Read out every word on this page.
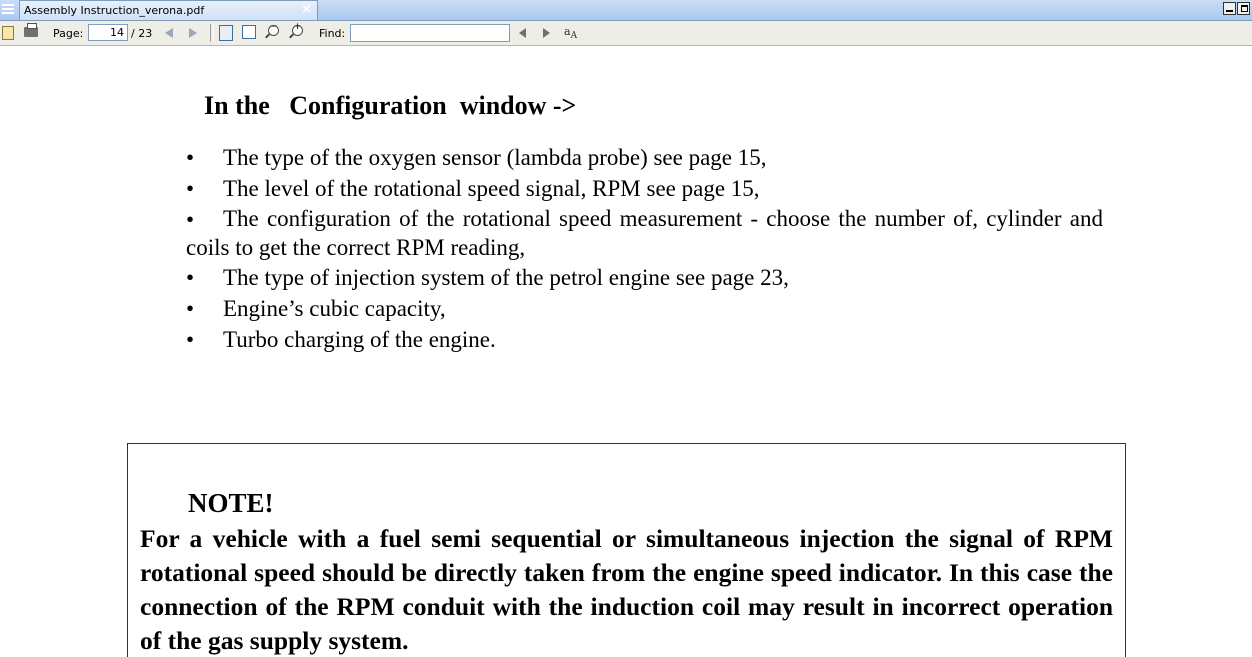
Assembly Instruction_verona.pdf	×
Page:
14	/ 23	− + Find:	$a_A$
In the   Configuration  window ->

•	The type of the oxygen sensor (lambda probe) see page 15,

•	The level of the rotational speed signal, RPM see page 15,

•	The configuration of the rotational speed measurement - choose the number of, cylinder and coils to get the correct RPM reading,

•	The type of injection system of the petrol engine see page 23,

•	Engine’s cubic capacity,

•	Turbo charging of the engine.

NOTE!
For a vehicle with a fuel semi sequential or simultaneous injection the signal of RPM rotational speed should be directly taken from the engine speed indicator. In this case the connection of the RPM conduit with the induction coil may result in incorrect operation of the gas supply system.
